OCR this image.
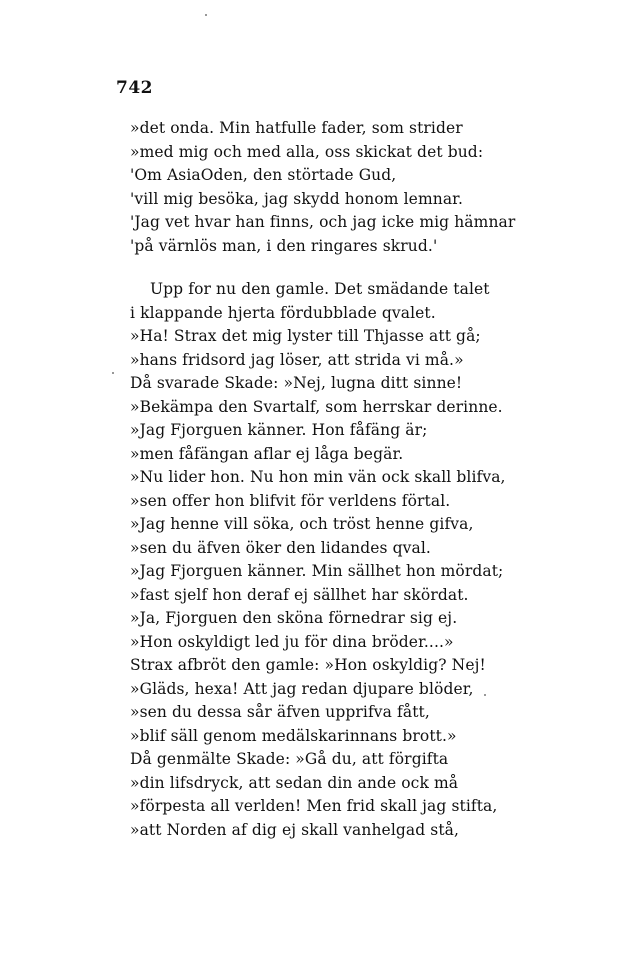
742
»det onda. Min hatfulle fader, som strider
»med mig och med alla, oss skickat det bud:
'Om AsiaOden, den störtade Gud,
'vill mig besöka, jag skydd honom lemnar.
'Jag vet hvar han finns, och jag icke mig hämnar
'på värnlös man, i den ringares skrud.'
Upp for nu den gamle. Det smädande talet
i klappande hjerta fördubblade qvalet.
»Ha! Strax det mig lyster till Thjasse att gå;
»hans fridsord jag löser, att strida vi må.»
Då svarade Skade: »Nej, lugna ditt sinne!
»Bekämpa den Svartalf, som herrskar derinne.
»Jag Fjorguen känner. Hon fåfäng är;
»men fåfängan aflar ej låga begär.
»Nu lider hon. Nu hon min vän ock skall blifva,
»sen offer hon blifvit för verldens förtal.
»Jag henne vill söka, och tröst henne gifva,
»sen du äfven öker den lidandes qval.
»Jag Fjorguen känner. Min sällhet hon mördat;
»fast sjelf hon deraf ej sällhet har skördat.
»Ja, Fjorguen den sköna förnedrar sig ej.
»Hon oskyldigt led ju för dina bröder....»
Strax afbröt den gamle: »Hon oskyldig? Nej!
»Gläds, hexa! Att jag redan djupare blöder,
»sen du dessa sår äfven upprifva fått,
»blif säll genom medälskarinnans brott.»
Då genmälte Skade: »Gå du, att förgifta
»din lifsdryck, att sedan din ande ock må
»förpesta all verlden! Men frid skall jag stifta,
»att Norden af dig ej skall vanhelgad stå,
